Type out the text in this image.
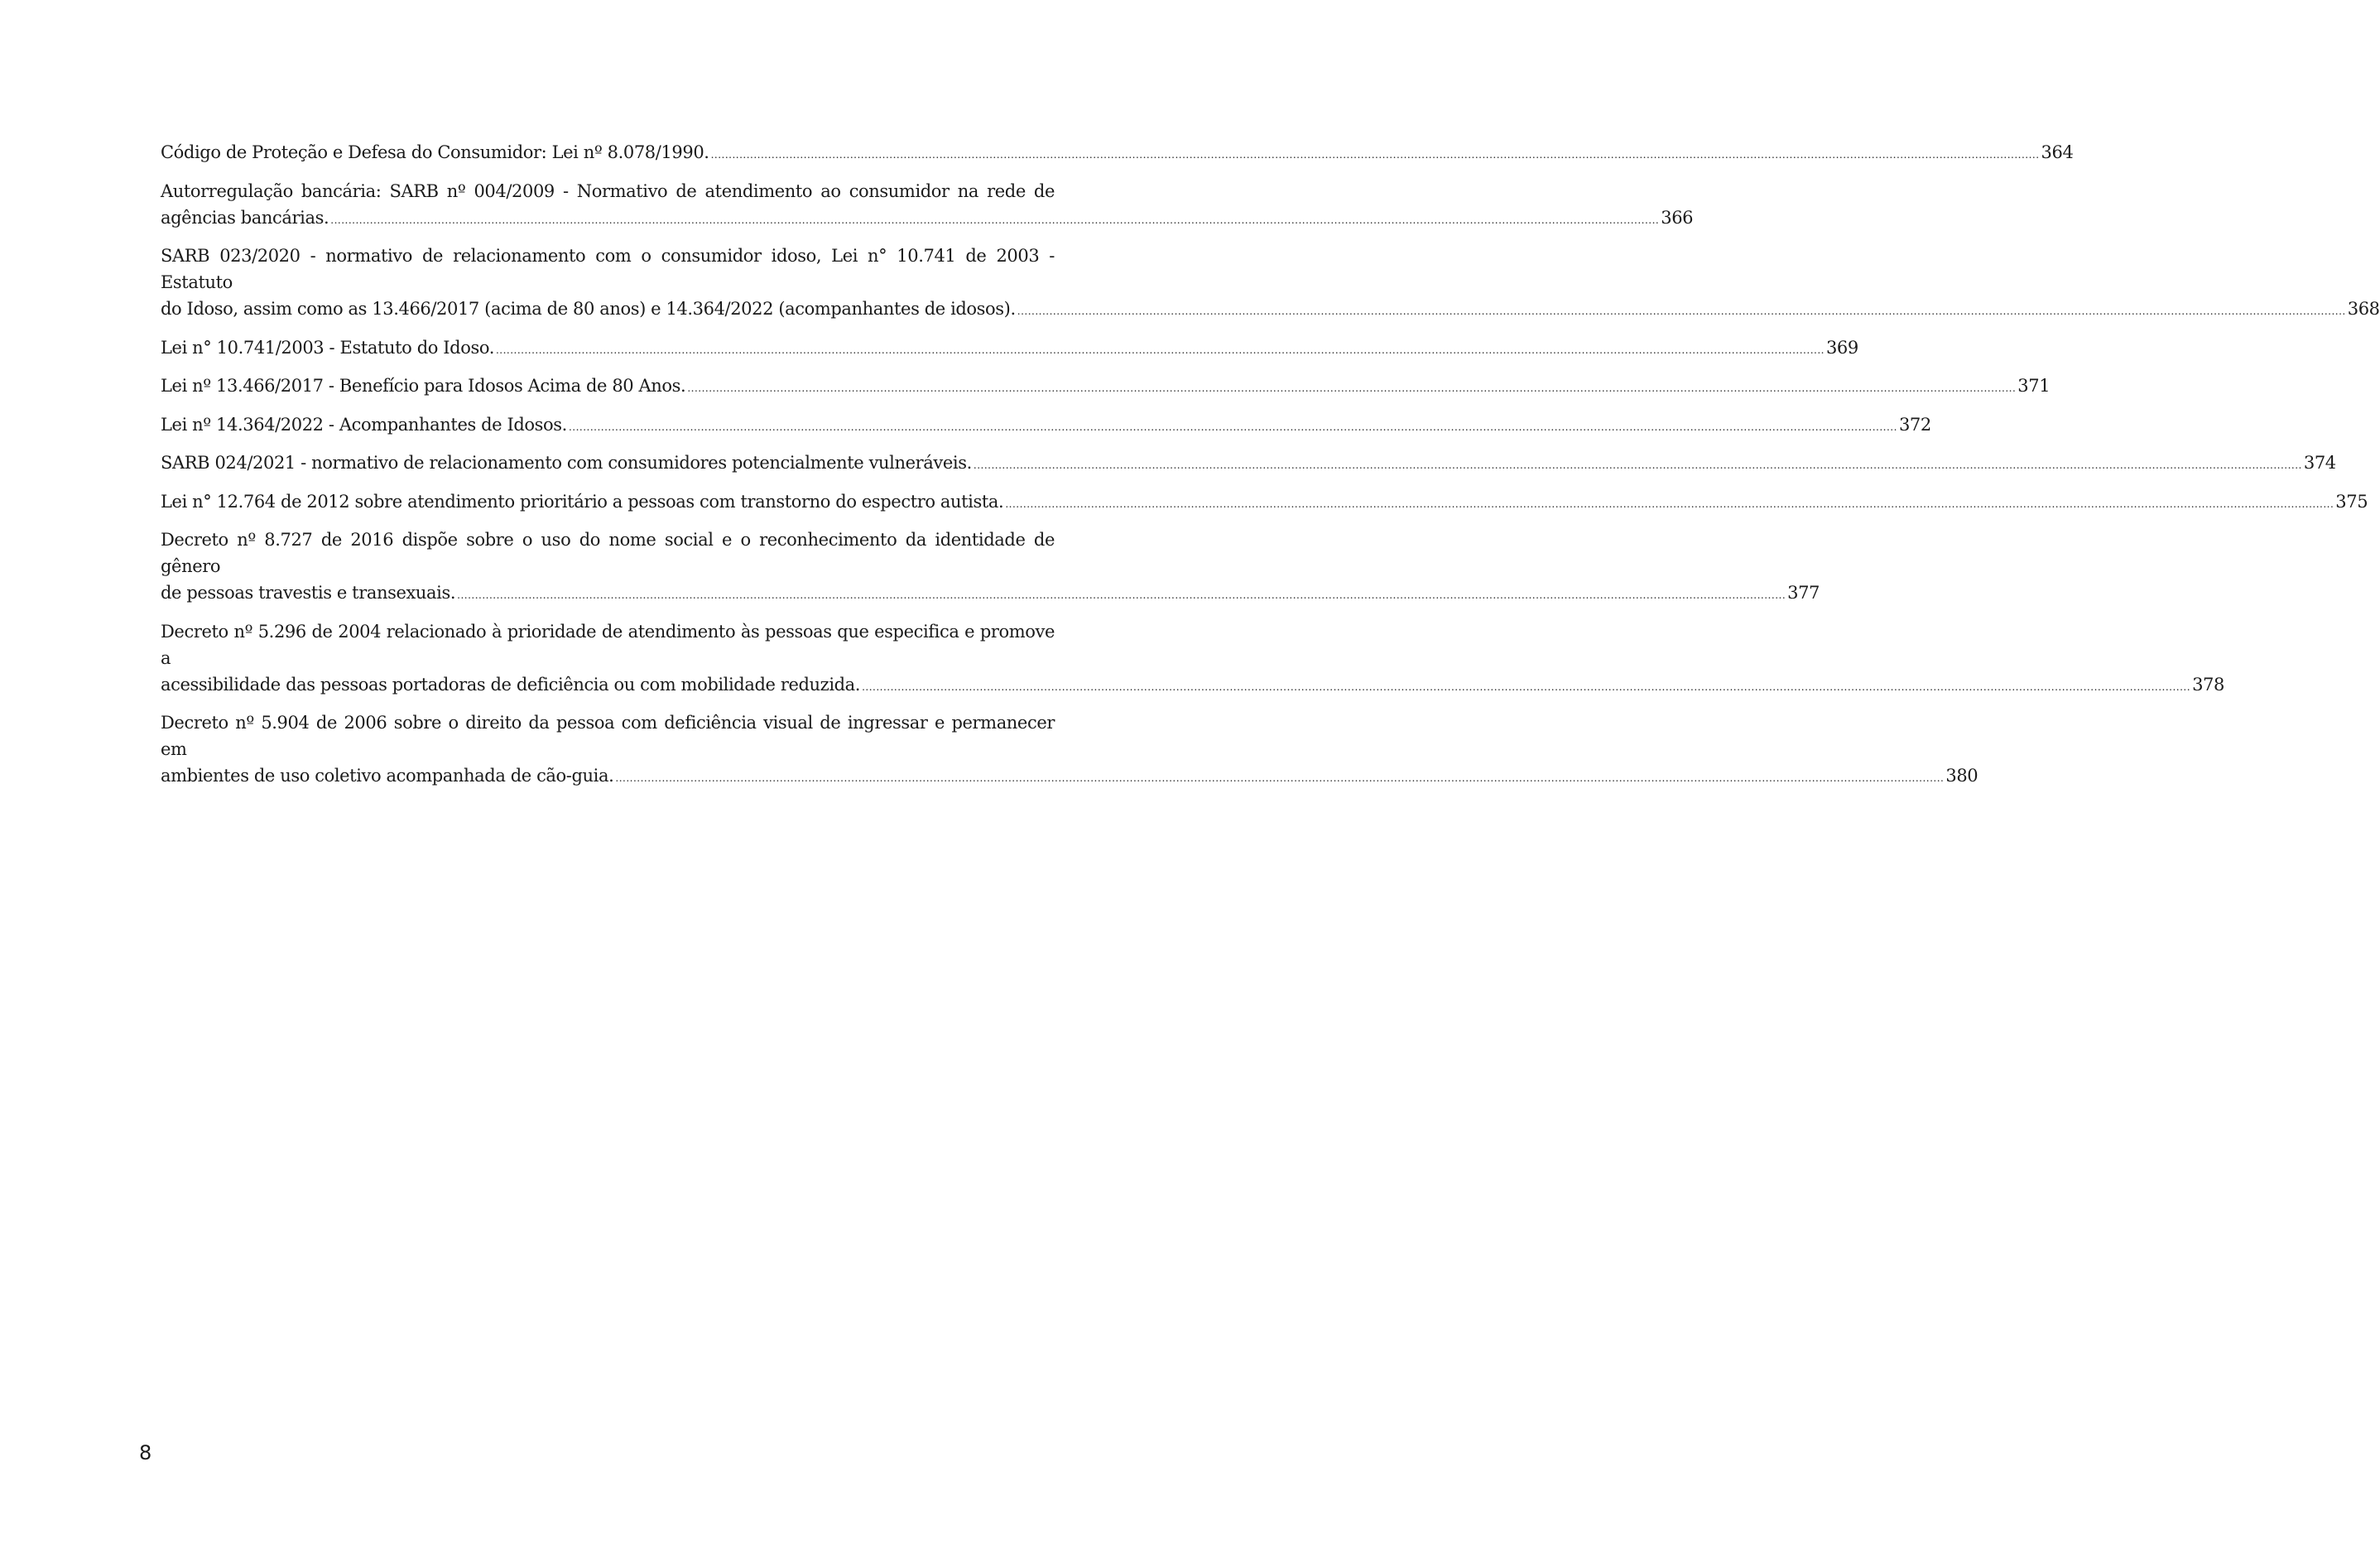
Código de Proteção e Defesa do Consumidor: Lei nº 8.078/1990. .....	364
Autorregulação bancária: SARB nº 004/2009 - Normativo de atendimento ao consumidor na rede de
agências bancárias. .....	366
SARB 023/2020 - normativo de relacionamento com o consumidor idoso, Lei n° 10.741 de 2003 - Estatuto
do Idoso, assim como as 13.466/2017 (acima de 80 anos) e 14.364/2022 (acompanhantes de idosos). .....	368
Lei n° 10.741/2003 - Estatuto do Idoso. .....	369
Lei nº 13.466/2017 - Benefício para Idosos Acima de 80 Anos. .....	371
Lei nº 14.364/2022 - Acompanhantes de Idosos. .....	372
SARB 024/2021 - normativo de relacionamento com consumidores potencialmente vulneráveis. .....	374
Lei n° 12.764 de 2012 sobre atendimento prioritário a pessoas com transtorno do espectro autista. .....	375
Decreto nº 8.727 de 2016 dispõe sobre o uso do nome social e o reconhecimento da identidade de gênero
de pessoas travestis e transexuais. .....	377
Decreto nº 5.296 de 2004 relacionado à prioridade de atendimento às pessoas que especifica e promove a
acessibilidade das pessoas portadoras de deficiência ou com mobilidade reduzida. .....	378
Decreto nº 5.904 de 2006 sobre o direito da pessoa com deficiência visual de ingressar e permanecer em
ambientes de uso coletivo acompanhada de cão-guia. .....	380
8
